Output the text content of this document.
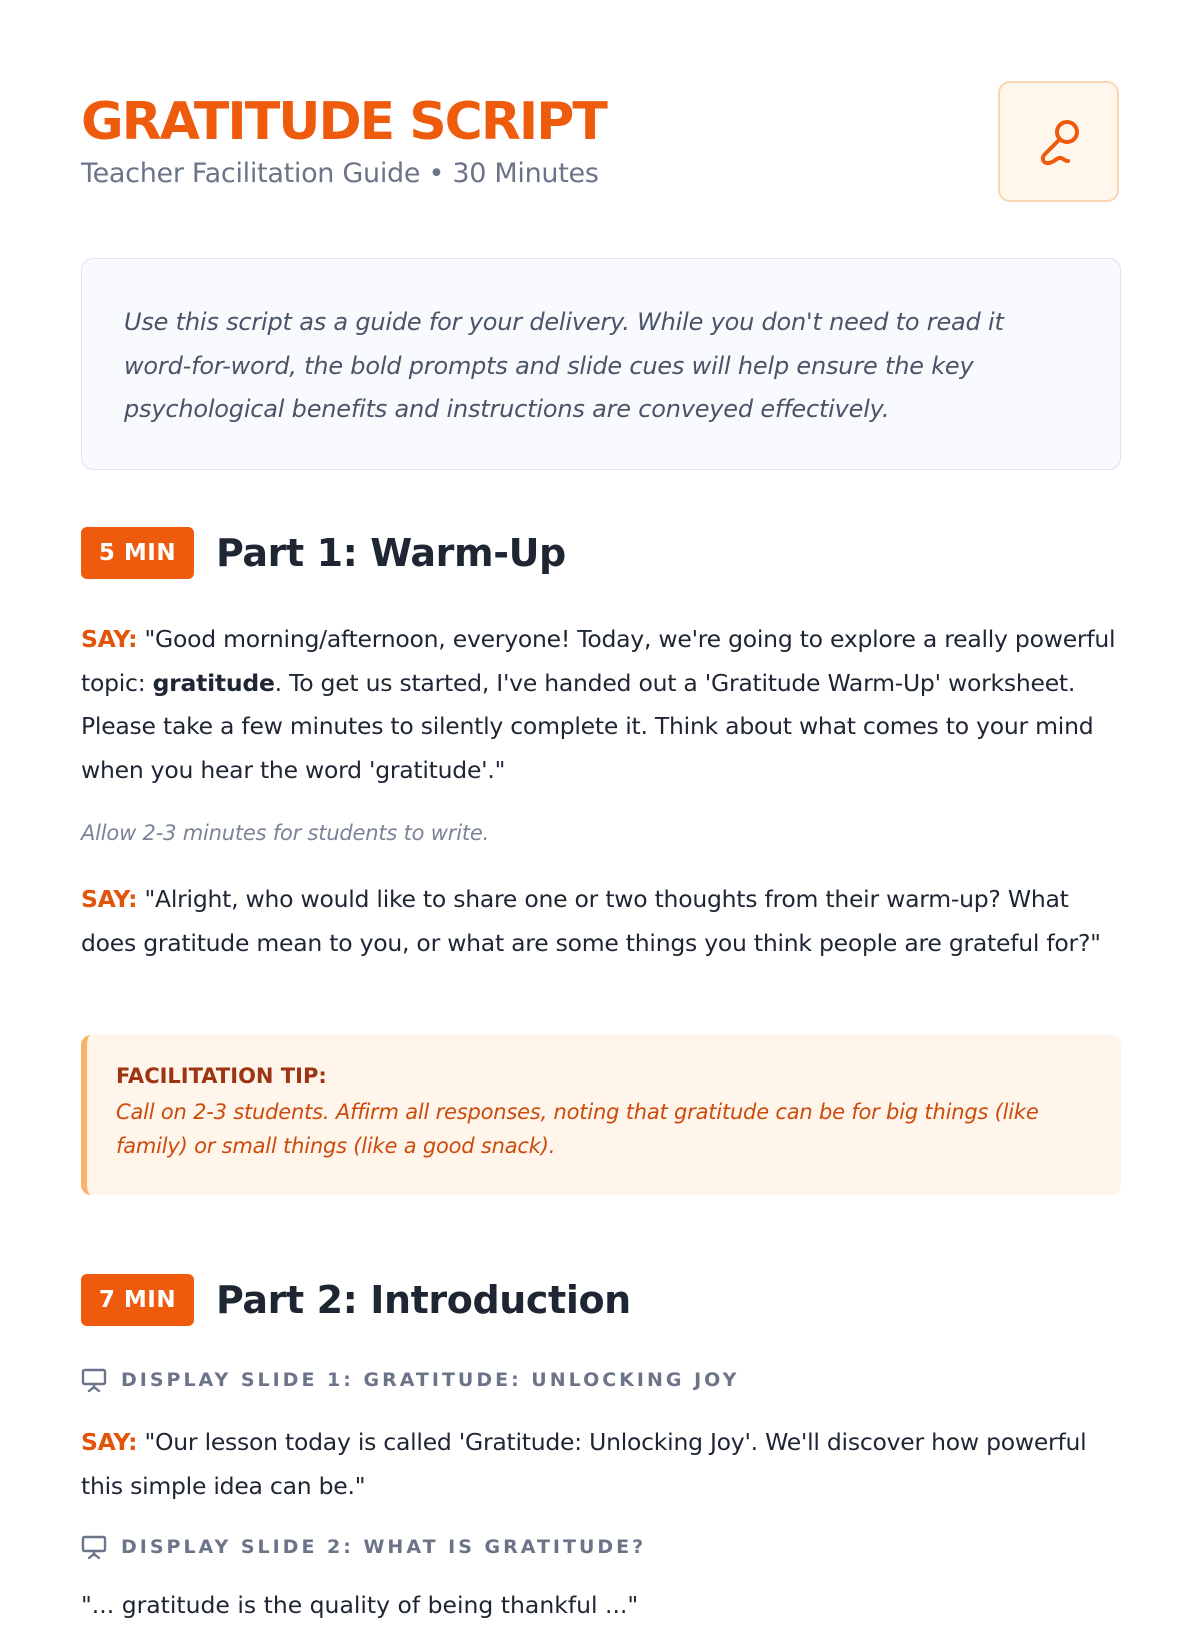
GRATITUDE SCRIPT
Teacher Facilitation Guide • 30 Minutes

Use this script as a guide for your delivery. While you don't need to read it word-for-word, the bold prompts and slide cues will help ensure the key psychological benefits and instructions are conveyed effectively.

5 MIN	Part 1: Warm-Up

SAY: "Good morning/afternoon, everyone! Today, we're going to explore a really powerful topic: gratitude. To get us started, I've handed out a 'Gratitude Warm-Up' worksheet. Please take a few minutes to silently complete it. Think about what comes to your mind when you hear the word 'gratitude'."

Allow 2-3 minutes for students to write.

SAY: "Alright, who would like to share one or two thoughts from their warm-up? What does gratitude mean to you, or what are some things you think people are grateful for?"

FACILITATION TIP:

Call on 2-3 students. Affirm all responses, noting that gratitude can be for big things (like family) or small things (like a good snack).

7 MIN	Part 2: Introduction
DISPLAY SLIDE 1: GRATITUDE: UNLOCKING JOY

SAY: "Our lesson today is called 'Gratitude: Unlocking Joy'. We'll discover how powerful this simple idea can be."

DISPLAY SLIDE 2: WHAT IS GRATITUDE?
"... gratitude is the quality of being thankful ..."
